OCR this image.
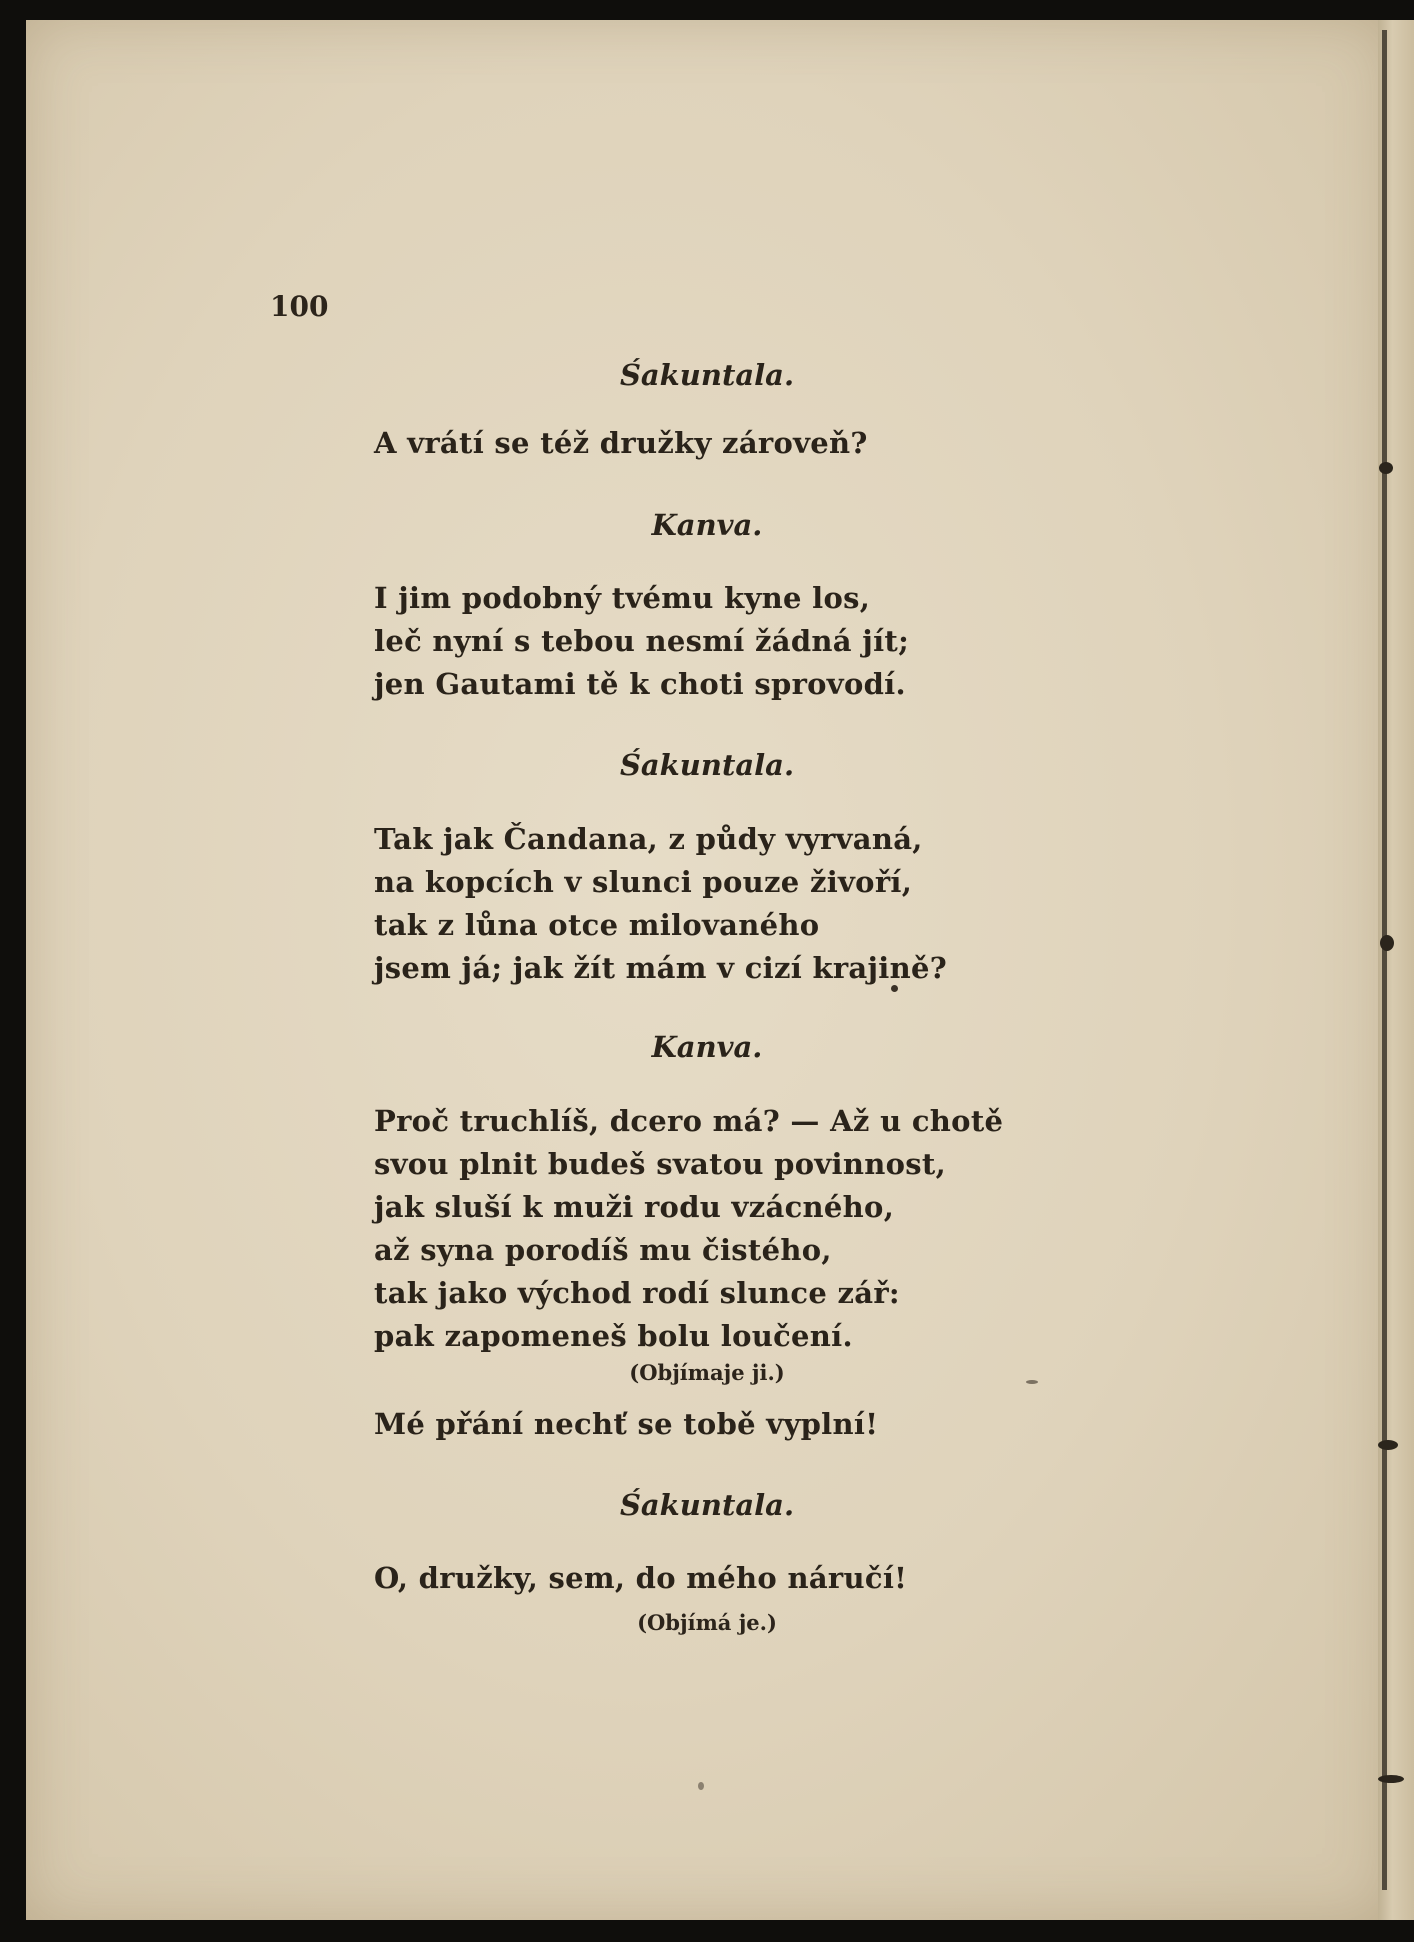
100
Śakuntala.
A vrátí se též družky zároveň?
Kanva.
I jim podobný tvému kyne los,
leč nyní s tebou nesmí žádná jít;
jen Gautami tě k choti sprovodí.
Śakuntala.
Tak jak Čandana, z půdy vyrvaná,
na kopcích v slunci pouze živoří,
tak z lůna otce milovaného
jsem já; jak žít mám v cizí krajině?
Kanva.
Proč truchlíš, dcero má? — Až u chotě
svou plnit budeš svatou povinnost,
jak sluší k muži rodu vzácného,
až syna porodíš mu čistého,
tak jako východ rodí slunce zář:
pak zapomeneš bolu loučení.
(Objímaje ji.)
Mé přání nechť se tobě vyplní!
Śakuntala.
O, družky, sem, do mého náručí!
(Objímá je.)
